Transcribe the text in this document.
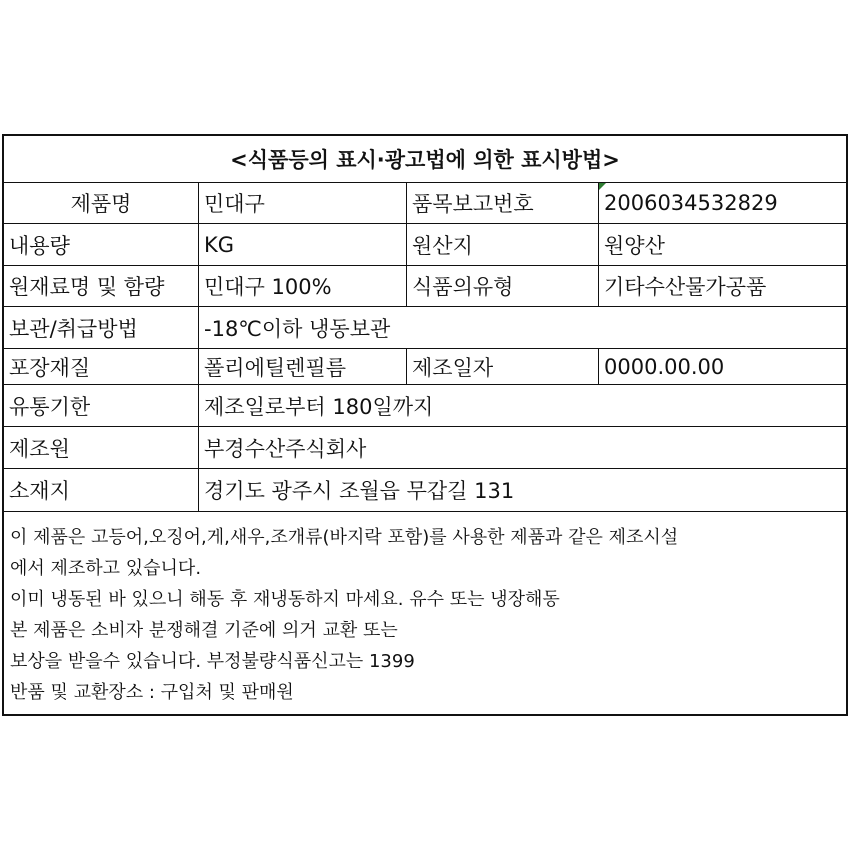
<식품등의 표시·광고법에 의한 표시방법>
제품명	민대구	품목보고번호	2006034532829
내용량	KG	원산지	원양산
원재료명 및 함량	민대구 100%	식품의유형	기타수산물가공품
보관/취급방법	-18℃이하 냉동보관
포장재질	폴리에틸렌필름	제조일자	0000.00.00
유통기한	제조일로부터 180일까지
제조원	부경수산주식회사
소재지	경기도 광주시 조월읍 무갑길 131
이 제품은 고등어,오징어,게,새우,조개류(바지락 포함)를 사용한 제품과 같은 제조시설
에서 제조하고 있습니다.
이미 냉동된 바 있으니 해동 후 재냉동하지 마세요. 유수 또는 냉장해동
본 제품은 소비자 분쟁해결 기준에 의거 교환 또는
보상을 받을수 있습니다. 부정불량식품신고는 1399
반품 및 교환장소 : 구입처 및 판매원
